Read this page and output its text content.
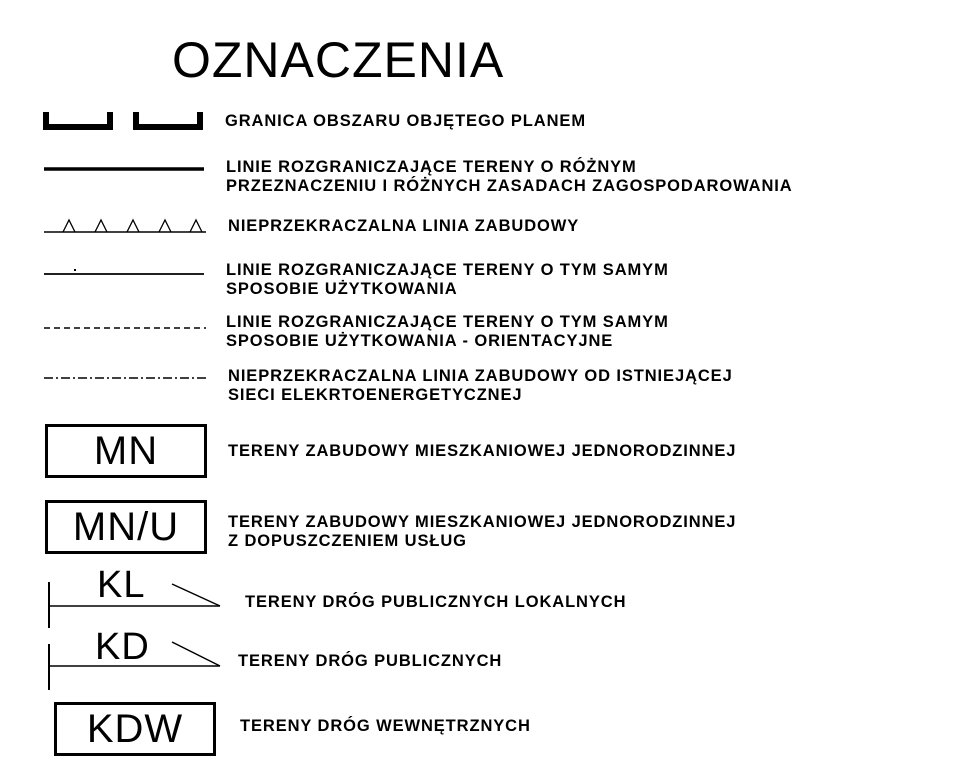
OZNACZENIA
GRANICA OBSZARU OBJĘTEGO PLANEM
LINIE ROZGRANICZAJĄCE TERENY O RÓŻNYM
PRZEZNACZENIU I RÓŻNYCH ZASADACH ZAGOSPODAROWANIA
NIEPRZEKRACZALNA LINIA ZABUDOWY
LINIE ROZGRANICZAJĄCE TERENY O TYM SAMYM
SPOSOBIE UŻYTKOWANIA
LINIE ROZGRANICZAJĄCE TERENY O TYM SAMYM
SPOSOBIE UŻYTKOWANIA - ORIENTACYJNE
NIEPRZEKRACZALNA LINIA ZABUDOWY OD ISTNIEJĄCEJ
SIECI ELEKRTOENERGETYCZNEJ
MN	TERENY ZABUDOWY MIESZKANIOWEJ JEDNORODZINNEJ
MN/U	TERENY ZABUDOWY MIESZKANIOWEJ JEDNORODZINNEJ
Z DOPUSZCZENIEM USŁUG
KL	TERENY DRÓG PUBLICZNYCH LOKALNYCH
KD	TERENY DRÓG PUBLICZNYCH
KDW	TERENY DRÓG WEWNĘTRZNYCH
